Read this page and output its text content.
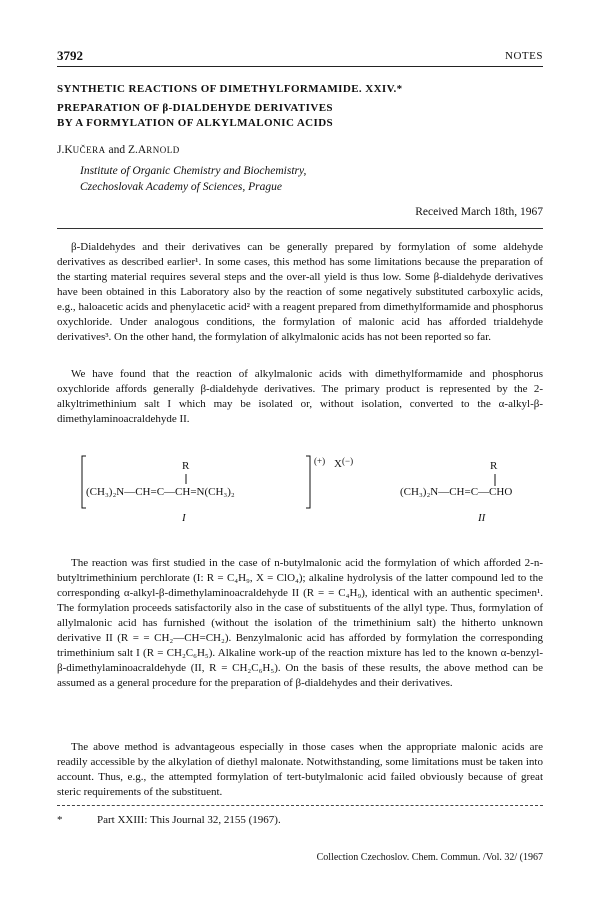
3792	NOTES
SYNTHETIC REACTIONS OF DIMETHYLFORMAMIDE. XXIV.*
PREPARATION OF β-DIALDEHYDE DERIVATIVES
BY A FORMYLATION OF ALKYLMALONIC ACIDS
J.KUČERA and Z.ARNOLD
Institute of Organic Chemistry and Biochemistry,
Czechoslovak Academy of Sciences, Prague
Received March 18th, 1967

β-Dialdehydes and their derivatives can be generally prepared by formylation of some aldehyde derivatives as described earlier¹. In some cases, this method has some limitations because the preparation of the starting material requires several steps and the over-all yield is thus low. Some β-dialdehyde derivatives have been obtained in this Laboratory also by the reaction of some negatively substituted carboxylic acids, e.g., haloacetic acids and phenylacetic acid² with a reagent prepared from dimethylformamide and phosphorus oxychloride. Under analogous conditions, the formylation of malonic acid has afforded trialdehyde derivatives³. On the other hand, the formylation of alkylmalonic acids has not been reported so far.

We have found that the reaction of alkylmalonic acids with dimethylformamide and phosphorus oxychloride affords generally β-dialdehyde derivatives. The primary product is represented by the 2-alkyltrimethinium salt I which may be isolated or, without isolation, converted to the α-alkyl-β-dimethylaminoacraldehyde II.

R
(CH₃)₂N—CH=C—CH=N(CH₃)₂
(+) X (−)
I
R
(CH₃)₂N—CH=C—CHO
II

The reaction was first studied in the case of n-butylmalonic acid the formylation of which afforded 2-n-butyltrimethinium perchlorate (I: R = C₄H₉, X = ClO₄); alkaline hydrolysis of the latter compound led to the corresponding α-alkyl-β-dimethylaminoacraldehyde II (R = = C₄H₉), identical with an authentic specimen¹. The formylation proceeds satisfactorily also in the case of substituents of the allyl type. Thus, formylation of allylmalonic acid has furnished (without the isolation of the trimethinium salt) the hitherto unknown derivative II (R = = CH₂—CH=CH₂). Benzylmalonic acid has afforded by formylation the corresponding trimethinium salt I (R = CH₂C₆H₅). Alkaline work-up of the reaction mixture has led to the known α-benzyl-β-dimethylaminoacraldehyde (II, R = CH₂C₆H₅). On the basis of these results, the above method can be assumed as a general procedure for the preparation of β-dialdehydes and their derivatives.

The above method is advantageous especially in those cases when the appropriate malonic acids are readily accessible by the alkylation of diethyl malonate. Notwithstanding, some limitations must be taken into account. Thus, e.g., the attempted formylation of tert-butylmalonic acid failed obviously because of great steric requirements of the substituent.

*	Part XXIII: This Journal 32, 2155 (1967).
Collection Czechoslov. Chem. Commun. /Vol. 32/ (1967
